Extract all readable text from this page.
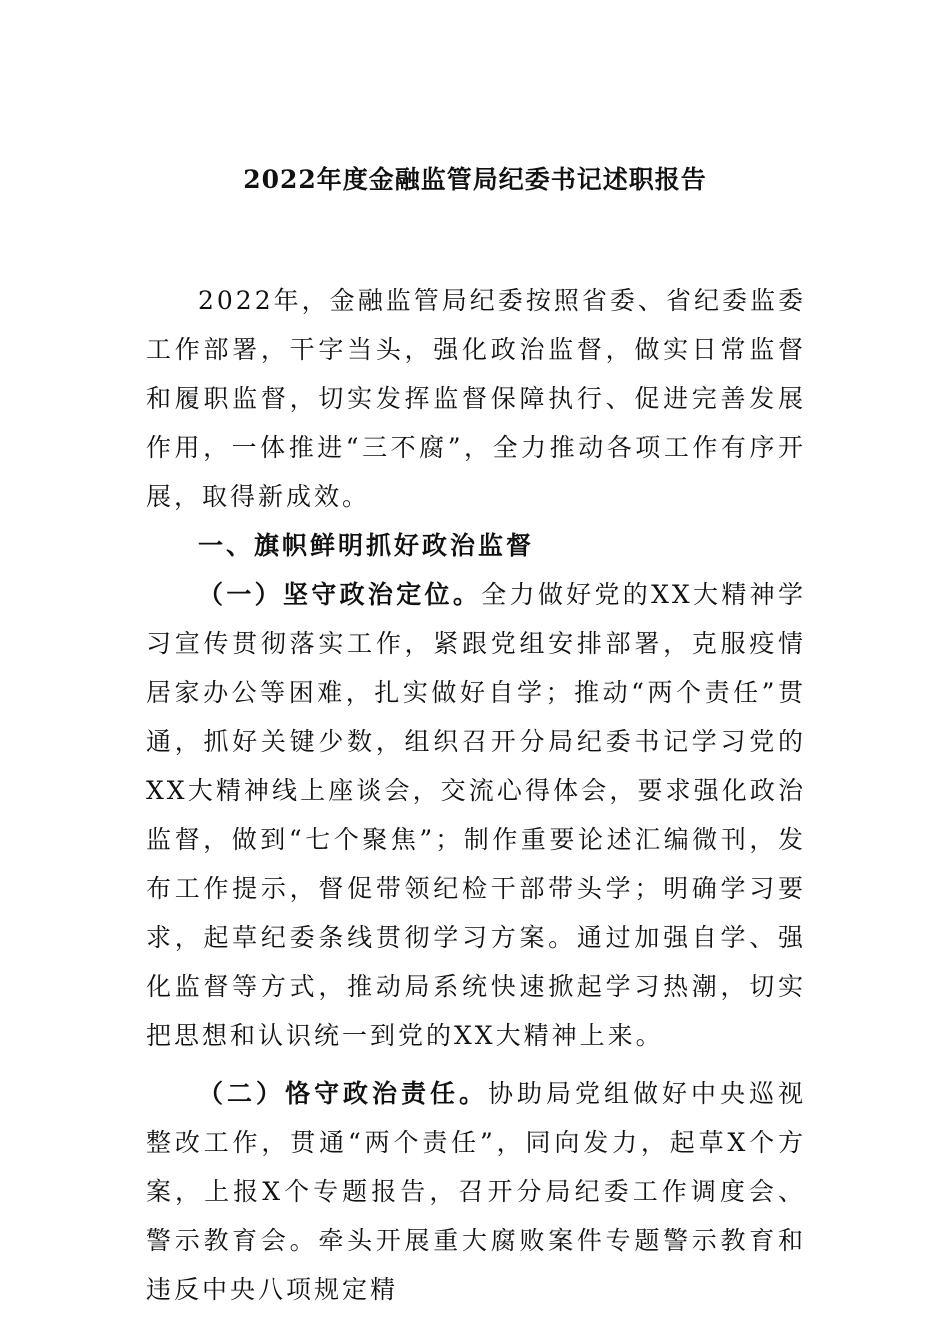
2022年度金融监管局纪委书记述职报告

2022年，金融监管局纪委按照省委、省纪委监委工作部署，干字当头，强化政治监督，做实日常监督和履职监督，切实发挥监督保障执行、促进完善发展作用，一体推进“三不腐”，全力推动各项工作有序开展，取得新成效。

一、旗帜鲜明抓好政治监督

（一）坚守政治定位。全力做好党的XX大精神学习宣传贯彻落实工作，紧跟党组安排部署，克服疫情居家办公等困难，扎实做好自学；推动“两个责任”贯通，抓好关键少数，组织召开分局纪委书记学习党的XX大精神线上座谈会，交流心得体会，要求强化政治监督，做到“七个聚焦”；制作重要论述汇编微刊，发布工作提示，督促带领纪检干部带头学；明确学习要求，起草纪委条线贯彻学习方案。通过加强自学、强化监督等方式，推动局系统快速掀起学习热潮，切实把思想和认识统一到党的XX大精神上来。

（二）恪守政治责任。协助局党组做好中央巡视整改工作，贯通“两个责任”，同向发力，起草X个方案，上报X个专题报告，召开分局纪委工作调度会、警示教育会。牵头开展重大腐败案件专题警示教育和违反中央八项规定精
